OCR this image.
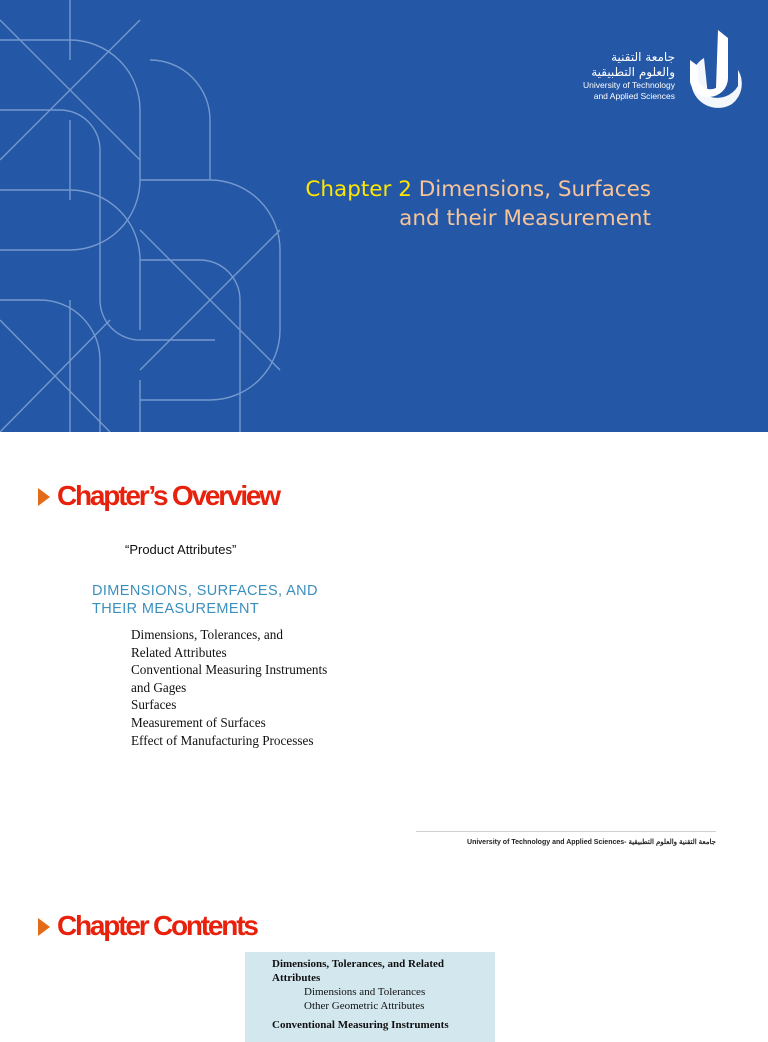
جامعة التقنية
والعلوم التطبيقية
University of Technology
and Applied Sciences
Chapter 2 Dimensions, Surfaces
and their Measurement
Chapter’s Overview
“Product Attributes”
DIMENSIONS, SURFACES, AND
THEIR MEASUREMENT
Dimensions, Tolerances, and
Related Attributes
Conventional Measuring Instruments
and Gages
Surfaces
Measurement of Surfaces
Effect of Manufacturing Processes
University of Technology and Applied Sciences- جامعة التقنية والعلوم التطبيقية
Chapter Contents
Dimensions, Tolerances, and Related
Attributes
Dimensions and Tolerances
Other Geometric Attributes
Conventional Measuring Instruments
